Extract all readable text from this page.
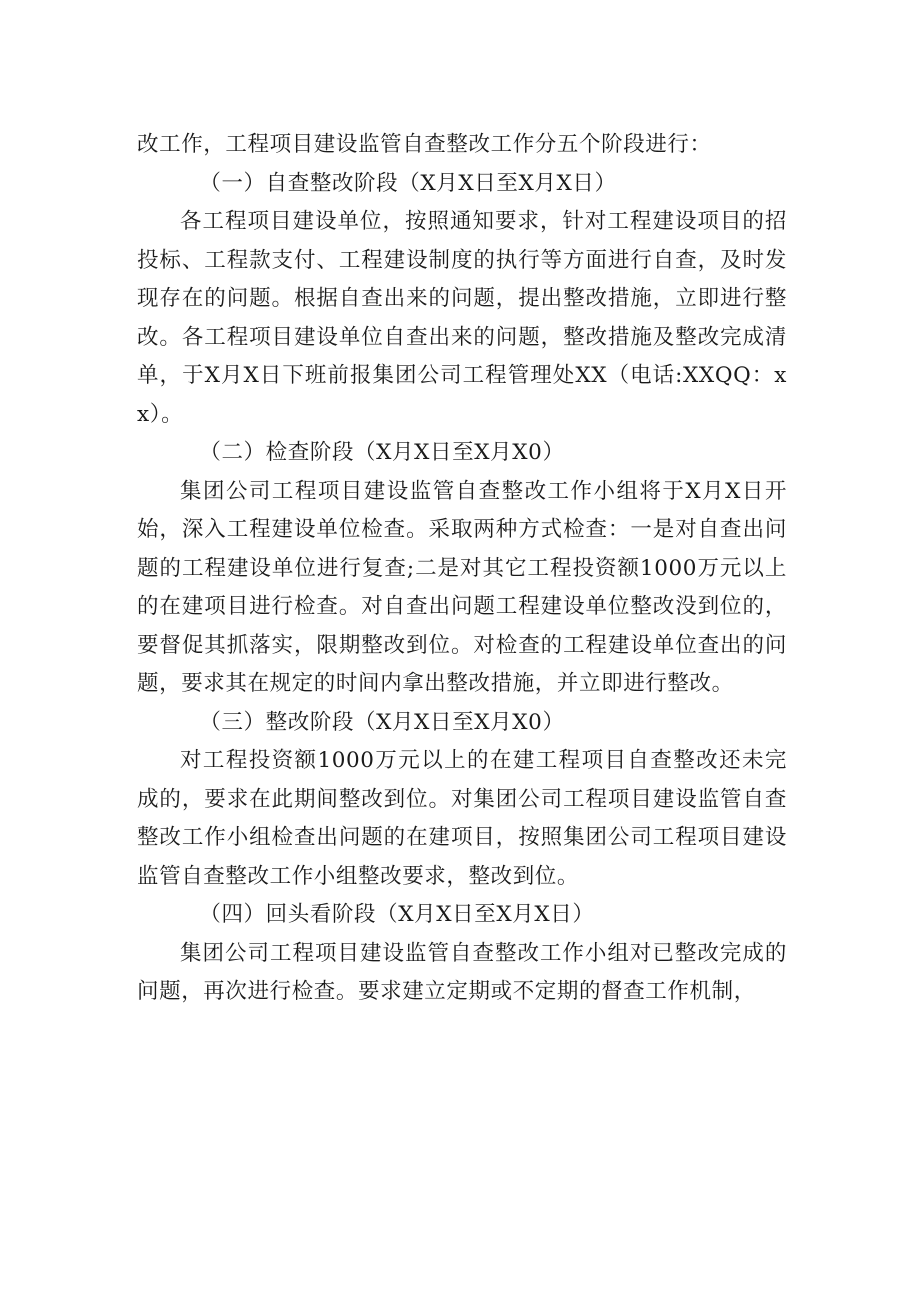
改工作，工程项目建设监管自查整改工作分五个阶段进行：

（一）自查整改阶段（X月X日至X月X日）

各工程项目建设单位，按照通知要求，针对工程建设项目的招投标、工程款支付、工程建设制度的执行等方面进行自查，及时发现存在的问题。根据自查出来的问题，提出整改措施，立即进行整改。各工程项目建设单位自查出来的问题，整改措施及整改完成清单，于X月X日下班前报集团公司工程管理处XX（电话:XXQQ：xx）。

（二）检查阶段（X月X日至X月X0）

集团公司工程项目建设监管自查整改工作小组将于X月X日开始，深入工程建设单位检查。采取两种方式检查：一是对自查出问题的工程建设单位进行复查;二是对其它工程投资额1000万元以上的在建项目进行检查。对自查出问题工程建设单位整改没到位的，要督促其抓落实，限期整改到位。对检查的工程建设单位查出的问题，要求其在规定的时间内拿出整改措施，并立即进行整改。

（三）整改阶段（X月X日至X月X0）

对工程投资额1000万元以上的在建工程项目自查整改还未完成的，要求在此期间整改到位。对集团公司工程项目建设监管自查整改工作小组检查出问题的在建项目，按照集团公司工程项目建设监管自查整改工作小组整改要求，整改到位。

（四）回头看阶段（X月X日至X月X日）

集团公司工程项目建设监管自查整改工作小组对已整改完成的问题，再次进行检查。要求建立定期或不定期的督查工作机制，
